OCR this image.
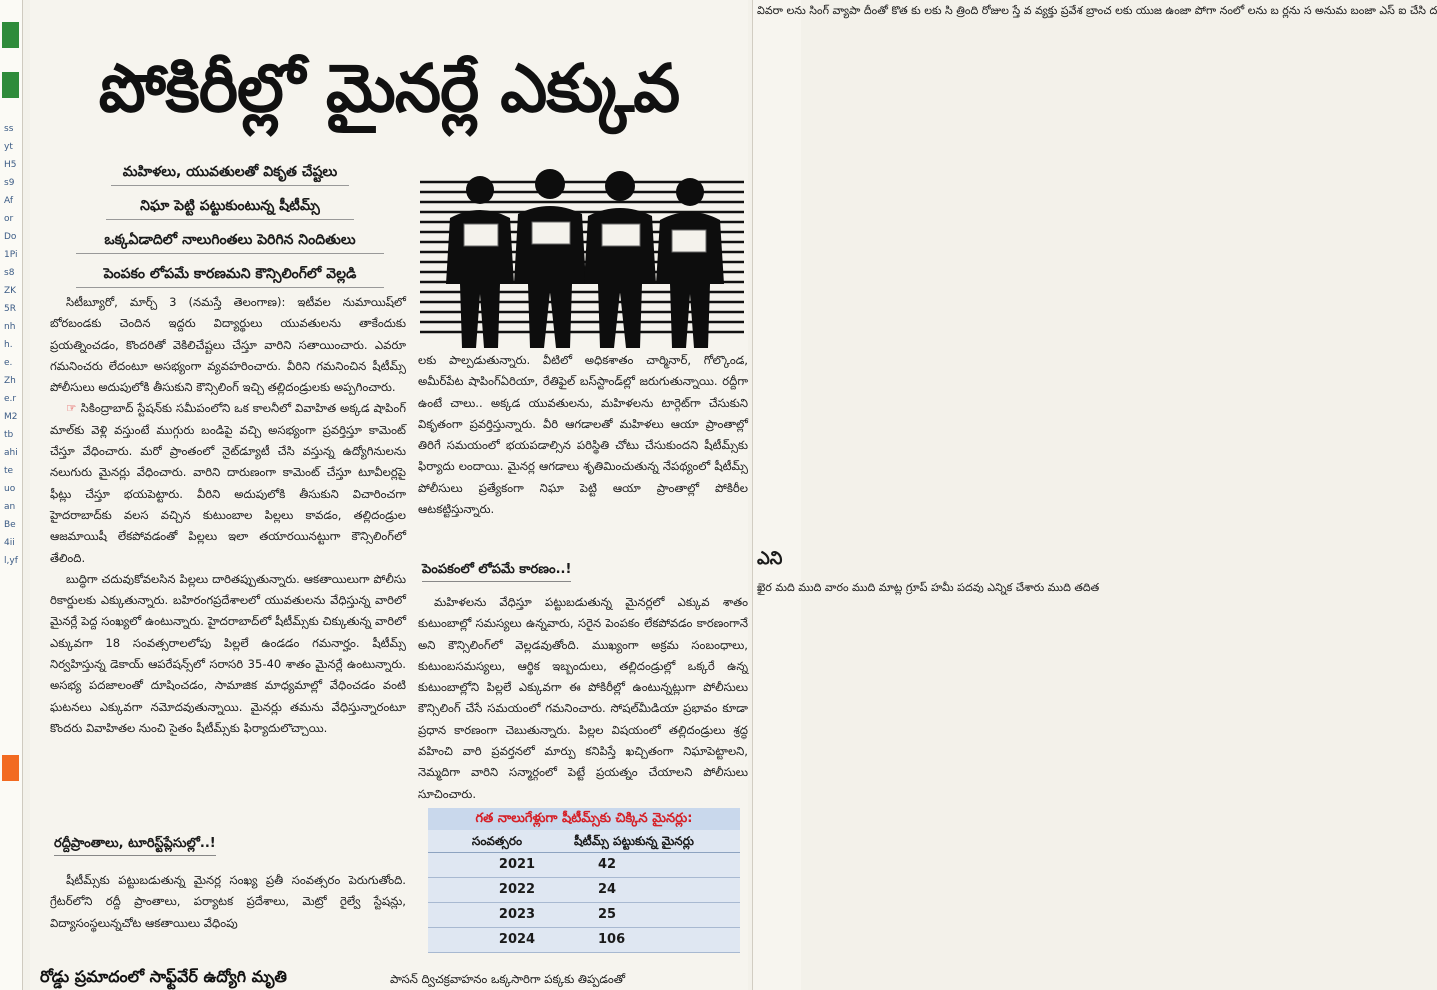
ssytH5s9AforDo1Pis8ZK5Rnhh.e.Zhe.rM2tbahiteuoanBe4iil,yf
వివరా లను సింగ్ వ్యాపా దీంతో కొత కు లకు సి త్రింది రోజుల స్తే వ వ్యక్తు ప్రవేశ బ్రాంచ లకు యుజ ఉంజా పోగా నంలో లను బ ర్లను స అనుమ బంజా ఎస్ ఐ చేసి ద
ఎని
ఖైర మది ముది వారం ముది మాట్ల గ్రూప్ హమీ పదవు ఎన్నిక చేశారు ముది తదిత
పోకిరీల్లో మైనర్లే ఎక్కువ
మహిళలు, యువతులతో వికృత చేష్టలు
నిఘా పెట్టి పట్టుకుంటున్న షీటీమ్స్
ఒక్కఏడాదిలో నాలుగింతలు పెరిగిన నిందితులు
పెంపకం లోపమే కారణమని కౌన్సిలింగ్‌లో వెల్లడి

సిటీబ్యూరో, మార్చ్ 3 (నమస్తే తెలంగాణ): ఇటీవల నుమాయిష్‌లో బోరబండకు చెందిన ఇద్దరు విద్యార్థులు యువతులను తాకేందుకు ప్రయత్నించడం, కొందరితో వెకిలిచేష్టలు చేస్తూ వారిని సతాయించారు. ఎవరూ గమనించరు లేదంటూ అసభ్యంగా వ్యవహరించారు. వీరిని గమనించిన షీటీమ్స్ పోలీసులు అదుపులోకి తీసుకుని కౌన్సిలింగ్ ఇచ్చి తల్లిదండ్రులకు అప్పగించారు.

☞ సికింద్రాబాద్ స్టేషన్‌కు సమీపంలోని ఒక కాలనీలో వివాహిత అక్కడ షాపింగ్ మాల్‌కు వెళ్లి వస్తుంటే ముగ్గురు బండిపై వచ్చి అసభ్యంగా ప్రవర్తిస్తూ కామెంట్ చేస్తూ వేధించారు. మరో ప్రాంతంలో నైట్‌డ్యూటీ చేసి వస్తున్న ఉద్యోగినులను నలుగురు మైనర్లు వేధించారు. వారిని దారుణంగా కామెంట్ చేస్తూ టూవీలర్లపై ఫీట్లు చేస్తూ భయపెట్టారు. వీరిని అదుపులోకి తీసుకుని విచారించగా హైదరాబాద్‌కు వలస వచ్చిన కుటుంబాల పిల్లలు కావడం, తల్లిదండ్రుల ఆజమాయిషీ లేకపోవడంతో పిల్లలు ఇలా తయారయినట్టుగా కౌన్సిలింగ్‌లో తేలింది.

బుద్ధిగా చదువుకోవలసిన పిల్లలు దారితప్పుతున్నారు. ఆకతాయిలుగా పోలీసు రికార్డులకు ఎక్కుతున్నారు. బహిరంగప్రదేశాలలో యువతులను వేధిస్తున్న వారిలో మైనర్లే పెద్ద సంఖ్యలో ఉంటున్నారు. హైదరాబాద్‌లో షీటీమ్స్‌కు చిక్కుతున్న వారిలో ఎక్కువగా 18 సంవత్సరాలలోపు పిల్లలే ఉండడం గమనార్హం. షీటీమ్స్ నిర్వహిస్తున్న డెకాయ్ ఆపరేషన్స్‌లో సరాసరి 35-40 శాతం మైనర్లే ఉంటున్నారు. అసభ్య పదజాలంతో దూషించడం, సామాజిక మాధ్యమాల్లో వేధించడం వంటి ఘటనలు ఎక్కువగా నమోదవుతున్నాయి. మైనర్లు తమను వేధిస్తున్నారంటూ కొందరు వివాహితల నుంచి సైతం షీటీమ్స్‌కు ఫిర్యాదులొచ్చాయి.

రద్దీప్రాంతాలు, టూరిస్ట్‌ప్లేసుల్లో..!

షీటీమ్స్‌కు పట్టుబడుతున్న మైనర్ల సంఖ్య ప్రతీ సంవత్సరం పెరుగుతోంది. గ్రేటర్‌లోని రద్దీ ప్రాంతాలు, పర్యాటక ప్రదేశాలు, మెట్రో రైల్వే స్టేషన్లు, విద్యాసంస్థలున్నచోట ఆకతాయిలు వేధింపు

లకు పాల్పడుతున్నారు. వీటిలో అధికశాతం చార్మినార్, గోల్కొండ, అమీర్‌పేట షాపింగ్‌ఏరియా, రేతిఫైల్ బస్‌స్టాండ్‌ల్లో జరుగుతున్నాయి. రద్దీగా ఉంటే చాలు.. అక్కడ యువతులను, మహిళలను టార్గెట్‌గా చేసుకుని వికృతంగా ప్రవర్తిస్తున్నారు. వీరి ఆగడాలతో మహిళలు ఆయా ప్రాంతాల్లో తిరిగే సమయంలో భయపడాల్సిన పరిస్థితి చోటు చేసుకుందని షీటీమ్స్‌కు ఫిర్యాదు లందాయి. మైనర్ల ఆగడాలు శృతిమించుతున్న నేపథ్యంలో షీటీమ్స్ పోలీసులు ప్రత్యేకంగా నిఘా పెట్టి ఆయా ప్రాంతాల్లో పోకిరీల ఆటకట్టిస్తున్నారు.

పెంపకంలో లోపమే కారణం..!

మహిళలను వేధిస్తూ పట్టుబడుతున్న మైనర్లలో ఎక్కువ శాతం కుటుంబాల్లో సమస్యలు ఉన్నవారు, సరైన పెంపకం లేకపోవడం కారణంగానే అని కౌన్సిలింగ్‌లో వెల్లడవుతోంది. ముఖ్యంగా అక్రమ సంబంధాలు, కుటుంబసమస్యలు, ఆర్థిక ఇబ్బందులు, తల్లిదండ్రుల్లో ఒక్కరే ఉన్న కుటుంబాల్లోని పిల్లలే ఎక్కువగా ఈ పోకిరీల్లో ఉంటున్నట్లుగా పోలీసులు కౌన్సిలింగ్ చేసే సమయంలో గమనించారు. సోషల్‌మీడియా ప్రభావం కూడా ప్రధాన కారణంగా చెబుతున్నారు. పిల్లల విషయంలో తల్లిదండ్రులు శ్రద్ధ వహించి వారి ప్రవర్తనలో మార్పు కనిపిస్తే ఖచ్చితంగా నిఘాపెట్టాలని, నెమ్మదిగా వారిని సన్మార్గంలో పెట్టే ప్రయత్నం చేయాలని పోలీసులు సూచించారు.

గత నాలుగేళ్లుగా షీటీమ్స్‌కు చిక్కిన మైనర్లు:
సంవత్సరం	షీటీమ్స్ పట్టుకున్న మైనర్లు
2021	42
2022	24
2023	25
2024	106
రోడ్డు ప్రమాదంలో సాఫ్ట్‌వేర్ ఉద్యోగి మృతి	పాసన్ ద్విచక్రవాహనం ఒక్కసారిగా పక్కకు తిప్పడంతో
